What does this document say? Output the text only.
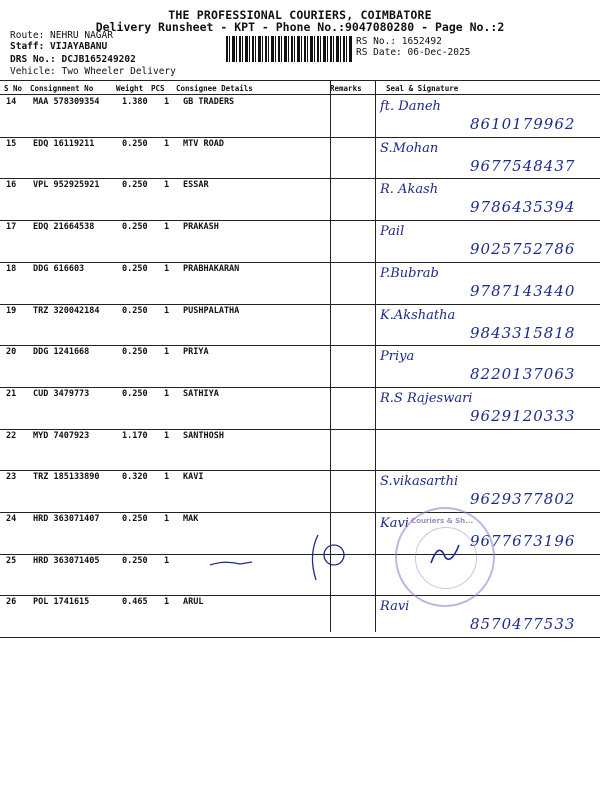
THE PROFESSIONAL COURIERS, COIMBATORE
Delivery Runsheet - KPT - Phone No.:9047080280 - Page No.:2
Route: NEHRU NAGAR
Staff: VIJAYABANU
DRS No.: DCJB165249202
Vehicle: Two Wheeler Delivery
RS No.: 1652492
RS Date: 06-Dec-2025
S No Consignment No	Weight PCS Consignee Details	Remarks	Seal & Signature
14 MAA 578309354	1.380 1 GB TRADERS	ft. Daneh
8610179962
15 EDQ 16119211	0.250 1 MTV ROAD	S.Mohan
9677548437
16 VPL 952925921	0.250 1 ESSAR	R. Akash
9786435394
17 EDQ 21664538	0.250 1 PRAKASH	Pail
9025752786
18 DDG 616603	0.250 1 PRABHAKARAN	P.Bubrab
9787143440
19 TRZ 320042184	0.250 1 PUSHPALATHA	K.Akshatha
9843315818
20 DDG 1241668	0.250 1 PRIYA	Priya
8220137063
21 CUD 3479773	0.250 1 SATHIYA	R.S Rajeswari
9629120333
22 MYD 7407923	1.170 1 SANTHOSH
23 TRZ 185133890	0.320 1 KAVI	S.vikasarthi
9629377802
24 HRD 363071407	0.250 1 MAK	Kavi
9677673196
25 HRD 363071405	0.250 1
26 POL 1741615	0.465 1 ARUL	Ravi
8570477533
Couriers & Sh...
